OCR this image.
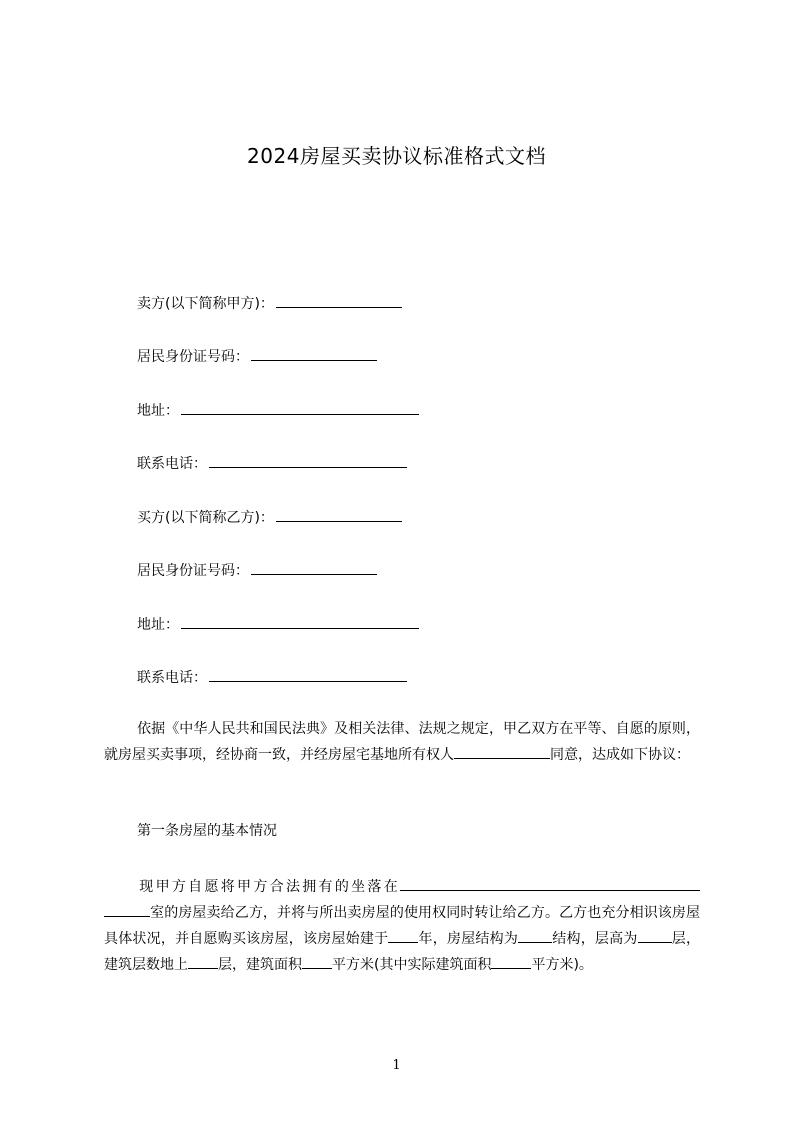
2024房屋买卖协议标准格式文档
卖方(以下简称甲方)：
居民身份证号码：
地址：
联系电话：
买方(以下简称乙方)：
居民身份证号码：
地址：
联系电话：

依据《中华人民共和国民法典》及相关法律、法规之规定，甲乙双方在平等、自愿的原则，就房屋买卖事项，经协商一致，并经房屋宅基地所有权人	同意，达成如下协议：

第一条房屋的基本情况

现甲方自愿将甲方合法拥有的坐落在室的房屋卖给乙方，并将与所出卖房屋的使用权同时转让给乙方。乙方也充分相识该房屋具体状况，并自愿购买该房屋，该房屋始建于 年，房屋结构为 结构，层高为 层，建筑层数地上 层，建筑面积 平方米(其中实际建筑面积	平方米)。

1
